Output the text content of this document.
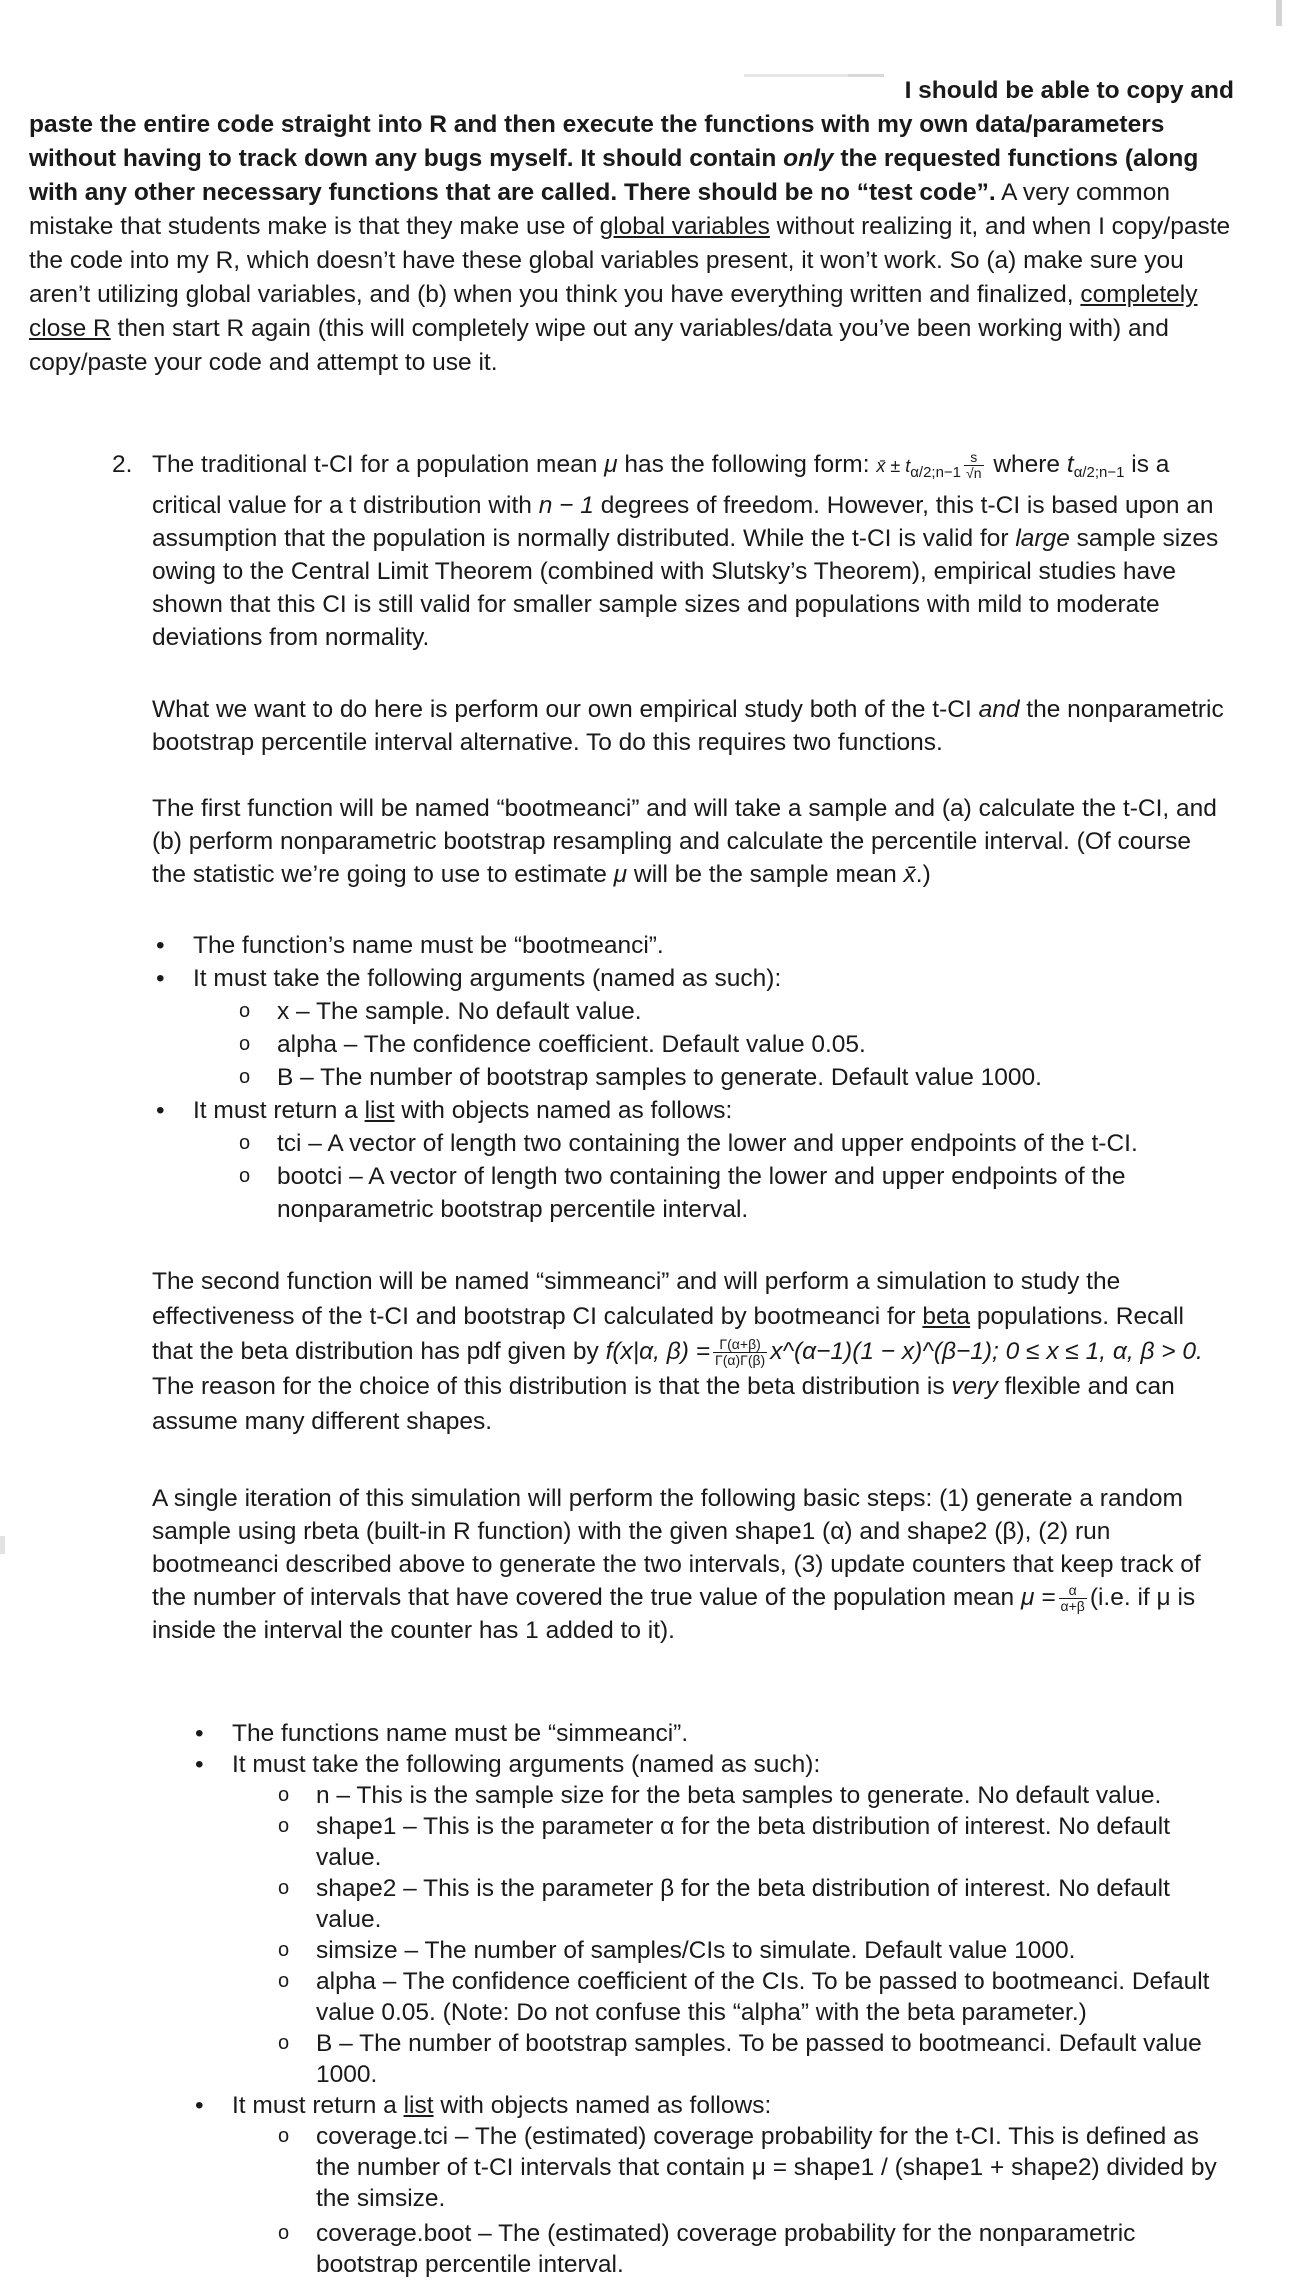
I should be able to copy and

paste the entire code straight into R and then execute the functions with my own data/parameters without having to track down any bugs myself. It should contain only the requested functions (along with any other necessary functions that are called. There should be no “test code”. A very common mistake that students make is that they make use of global variables without realizing it, and when I copy/paste the code into my R, which doesn’t have these global variables present, it won’t work. So (a) make sure you aren’t utilizing global variables, and (b) when you think you have everything written and finalized, completely close R then start R again (this will completely wipe out any variables/data you’ve been working with) and copy/paste your code and attempt to use it.

2. The traditional t-CI for a population mean μ has the following form: x̄ ± $t_{\alpha/2;n-1} \frac{s}{√n}$ where $t_{\alpha/2;n-1}$ is a critical value for a t distribution with n − 1 degrees of freedom. However, this t-CI is based upon an assumption that the population is normally distributed. While the t-CI is valid for large sample sizes owing to the Central Limit Theorem (combined with Slutsky’s Theorem), empirical studies have shown that this CI is still valid for smaller sample sizes and populations with mild to moderate deviations from normality.

What we want to do here is perform our own empirical study both of the t-CI and the nonparametric bootstrap percentile interval alternative. To do this requires two functions.

The first function will be named “bootmeanci” and will take a sample and (a) calculate the t-CI, and (b) perform nonparametric bootstrap resampling and calculate the percentile interval. (Of course the statistic we’re going to use to estimate μ will be the sample mean x̄.)

• The function’s name must be “bootmeanci”.
• It must take the following arguments (named as such):
o x – The sample. No default value.
o alpha – The confidence coefficient. Default value 0.05.
o B – The number of bootstrap samples to generate. Default value 1000.
• It must return a list with objects named as follows:
o tci – A vector of length two containing the lower and upper endpoints of the t-CI.
o bootci – A vector of length two containing the lower and upper endpoints of the nonparametric bootstrap percentile interval.

The second function will be named “simmeanci” and will perform a simulation to study the effectiveness of the t-CI and bootstrap CI calculated by bootmeanci for beta populations. Recall that the beta distribution has pdf given by f(x|α, $\beta) = \frac{\Gamma(\alpha+\beta)}{\Gamma(\alpha)\Gamma(\beta)}$ x^(α−1)(1 − x)^(β−1); 0 ≤ x ≤ 1, α, β > 0. The reason for the choice of this distribution is that the beta distribution is very flexible and can assume many different shapes.

A single iteration of this simulation will perform the following basic steps: (1) generate a random sample using rbeta (built-in R function) with the given shape1 (α) and shape2 (β), (2) run bootmeanci described above to generate the two intervals, (3) update counters that keep track of the number of intervals that have covered the true value of the population mean $\mu = \frac{\alpha}{\alpha+\beta} (i.e$. if μ is inside the interval the counter has 1 added to it).

• The functions name must be “simmeanci”.
• It must take the following arguments (named as such):
o n – This is the sample size for the beta samples to generate. No default value.
o shape1 – This is the parameter α for the beta distribution of interest. No default value.
o shape2 – This is the parameter β for the beta distribution of interest. No default value.
o simsize – The number of samples/CIs to simulate. Default value 1000.
o alpha – The confidence coefficient of the CIs. To be passed to bootmeanci. Default value 0.05. (Note: Do not confuse this “alpha” with the beta parameter.)
o B – The number of bootstrap samples. To be passed to bootmeanci. Default value 1000.
• It must return a list with objects named as follows:
o coverage.tci – The (estimated) coverage probability for the t-CI. This is defined as the number of t-CI intervals that contain μ = shape1 / (shape1 + shape2) divided by the simsize.
o coverage.boot – The (estimated) coverage probability for the nonparametric bootstrap percentile interval.
